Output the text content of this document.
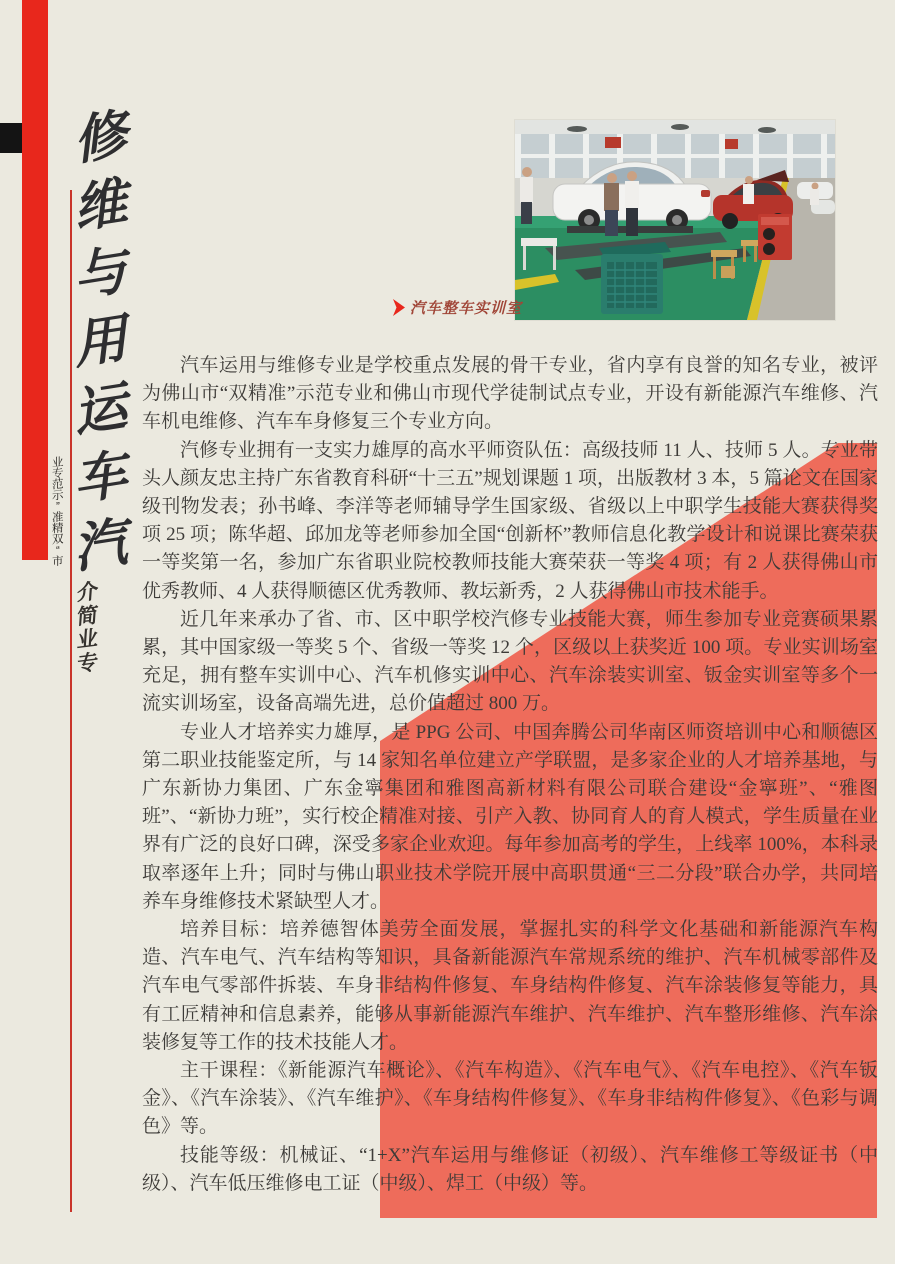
业
专
范
示
”
准
精
双
“
市
介
简
业
专
修
维
与
用
运
车
汽
汽车整车实训室

汽车运用与维修专业是学校重点发展的骨干专业，省内享有良誉的知名专业，被评为佛山市“双精准”示范专业和佛山市现代学徒制试点专业，开设有新能源汽车维修、汽车机电维修、汽车车身修复三个专业方向。

汽修专业拥有一支实力雄厚的高水平师资队伍：高级技师 11 人、技师 5 人。专业带头人颜友忠主持广东省教育科研“十三五”规划课题 1 项，出版教材 3 本，5 篇论文在国家级刊物发表；孙书峰、李洋等老师辅导学生国家级、省级以上中职学生技能大赛获得奖项 25 项；陈华超、邱加龙等老师参加全国“创新杯”教师信息化教学设计和说课比赛荣获一等奖第一名，参加广东省职业院校教师技能大赛荣获一等奖 4 项；有 2 人获得佛山市优秀教师、4 人获得顺德区优秀教师、教坛新秀，2 人获得佛山市技术能手。

近几年来承办了省、市、区中职学校汽修专业技能大赛，师生参加专业竞赛硕果累累，其中国家级一等奖 5 个、省级一等奖 12 个，区级以上获奖近 100 项。专业实训场室充足，拥有整车实训中心、汽车机修实训中心、汽车涂装实训室、钣金实训室等多个一流实训场室，设备高端先进，总价值超过 800 万。

专业人才培养实力雄厚，是 PPG 公司、中国奔腾公司华南区师资培训中心和顺德区第二职业技能鉴定所，与 14 家知名单位建立产学联盟，是多家企业的人才培养基地，与广东新协力集团、广东金寧集团和雅图高新材料有限公司联合建设“金寧班”、“雅图班”、“新协力班”，实行校企精准对接、引产入教、协同育人的育人模式，学生质量在业界有广泛的良好口碑，深受多家企业欢迎。每年参加高考的学生，上线率 100%，本科录取率逐年上升；同时与佛山职业技术学院开展中高职贯通“三二分段”联合办学，共同培养车身维修技术紧缺型人才。

培养目标：培养德智体美劳全面发展，掌握扎实的科学文化基础和新能源汽车构造、汽车电气、汽车结构等知识，具备新能源汽车常规系统的维护、汽车机械零部件及汽车电气零部件拆装、车身非结构件修复、车身结构件修复、汽车涂装修复等能力，具有工匠精神和信息素养，能够从事新能源汽车维护、汽车维护、汽车整形维修、汽车涂装修复等工作的技术技能人才。

主干课程：《新能源汽车概论》、《汽车构造》、《汽车电气》、《汽车电控》、《汽车钣金》、《汽车涂装》、《汽车维护》、《车身结构件修复》、《车身非结构件修复》、《色彩与调色》等。

技能等级：机械证、“1+X”汽车运用与维修证（初级）、汽车维修工等级证书（中级）、汽车低压维修电工证（中级）、焊工（中级）等。
